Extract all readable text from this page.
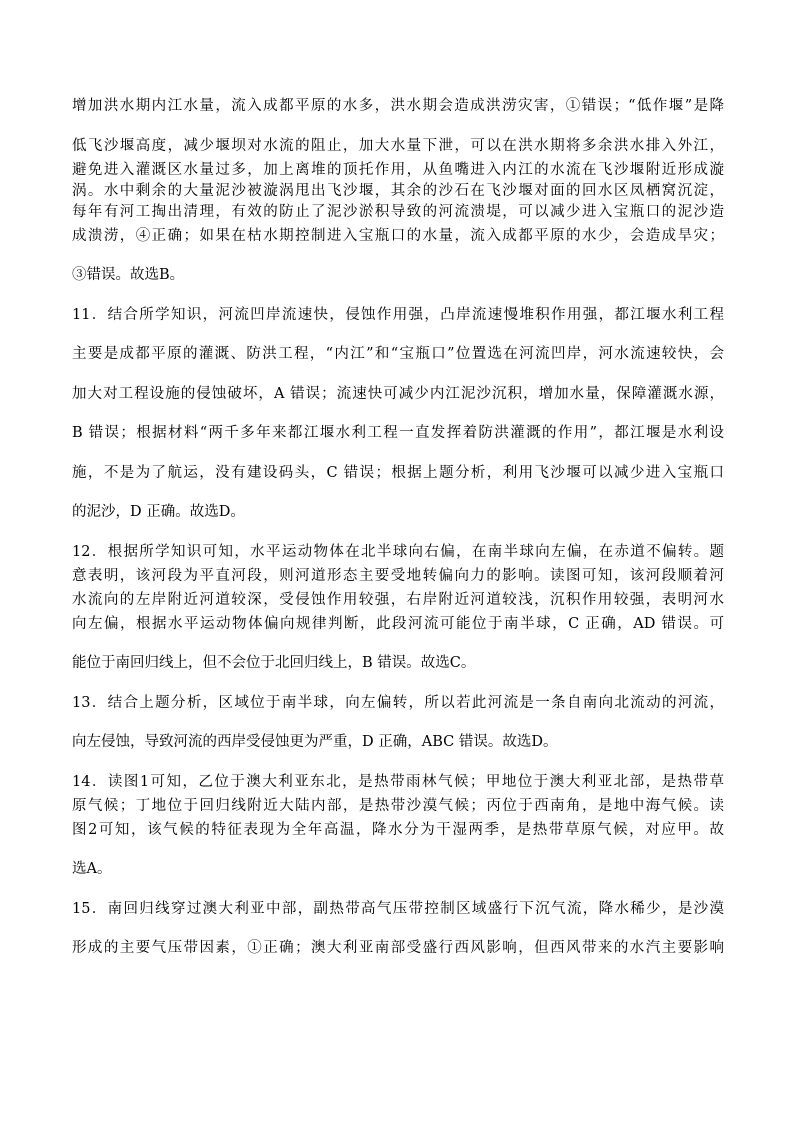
增加洪水期内江水量，流入成都平原的水多，洪水期会造成洪涝灾害，①错误；“低作堰”是降
低飞沙堰高度，减少堰坝对水流的阻止，加大水量下泄，可以在洪水期将多余洪水排入外江，
避免进入灌溉区水量过多，加上离堆的顶托作用，从鱼嘴进入内江的水流在飞沙堰附近形成漩
涡。水中剩余的大量泥沙被漩涡甩出飞沙堰，其余的沙石在飞沙堰对面的回水区凤栖窝沉淀，
每年有河工掏出清理，有效的防止了泥沙淤积导致的河流溃堤，可以减少进入宝瓶口的泥沙造
成溃涝，④正确；如果在枯水期控制进入宝瓶口的水量，流入成都平原的水少，会造成旱灾；
③错误。故选B。
11．结合所学知识，河流凹岸流速快，侵蚀作用强，凸岸流速慢堆积作用强，都江堰水利工程
主要是成都平原的灌溉、防洪工程，“内江”和“宝瓶口”位置选在河流凹岸，河水流速较快，会
加大对工程设施的侵蚀破坏，A 错误；流速快可减少内江泥沙沉积，增加水量，保障灌溉水源，
B 错误；根据材料“两千多年来都江堰水利工程一直发挥着防洪灌溉的作用”，都江堰是水利设
施，不是为了航运，没有建设码头，C 错误；根据上题分析，利用飞沙堰可以减少进入宝瓶口
的泥沙，D 正确。故选D。
12．根据所学知识可知，水平运动物体在北半球向右偏，在南半球向左偏，在赤道不偏转。题
意表明，该河段为平直河段，则河道形态主要受地转偏向力的影响。读图可知，该河段顺着河
水流向的左岸附近河道较深，受侵蚀作用较强，右岸附近河道较浅，沉积作用较强，表明河水
向左偏，根据水平运动物体偏向规律判断，此段河流可能位于南半球，C 正确，AD 错误。可
能位于南回归线上，但不会位于北回归线上，B 错误。故选C。
13．结合上题分析，区域位于南半球，向左偏转，所以若此河流是一条自南向北流动的河流，
向左侵蚀，导致河流的西岸受侵蚀更为严重，D 正确，ABC 错误。故选D。
14．读图1可知，乙位于澳大利亚东北，是热带雨林气候；甲地位于澳大利亚北部，是热带草
原气候；丁地位于回归线附近大陆内部，是热带沙漠气候；丙位于西南角，是地中海气候。读
图2可知，该气候的特征表现为全年高温，降水分为干湿两季，是热带草原气候，对应甲。故
选A。
15．南回归线穿过澳大利亚中部，副热带高气压带控制区域盛行下沉气流，降水稀少，是沙漠
形成的主要气压带因素，①正确；澳大利亚南部受盛行西风影响，但西风带来的水汽主要影响
